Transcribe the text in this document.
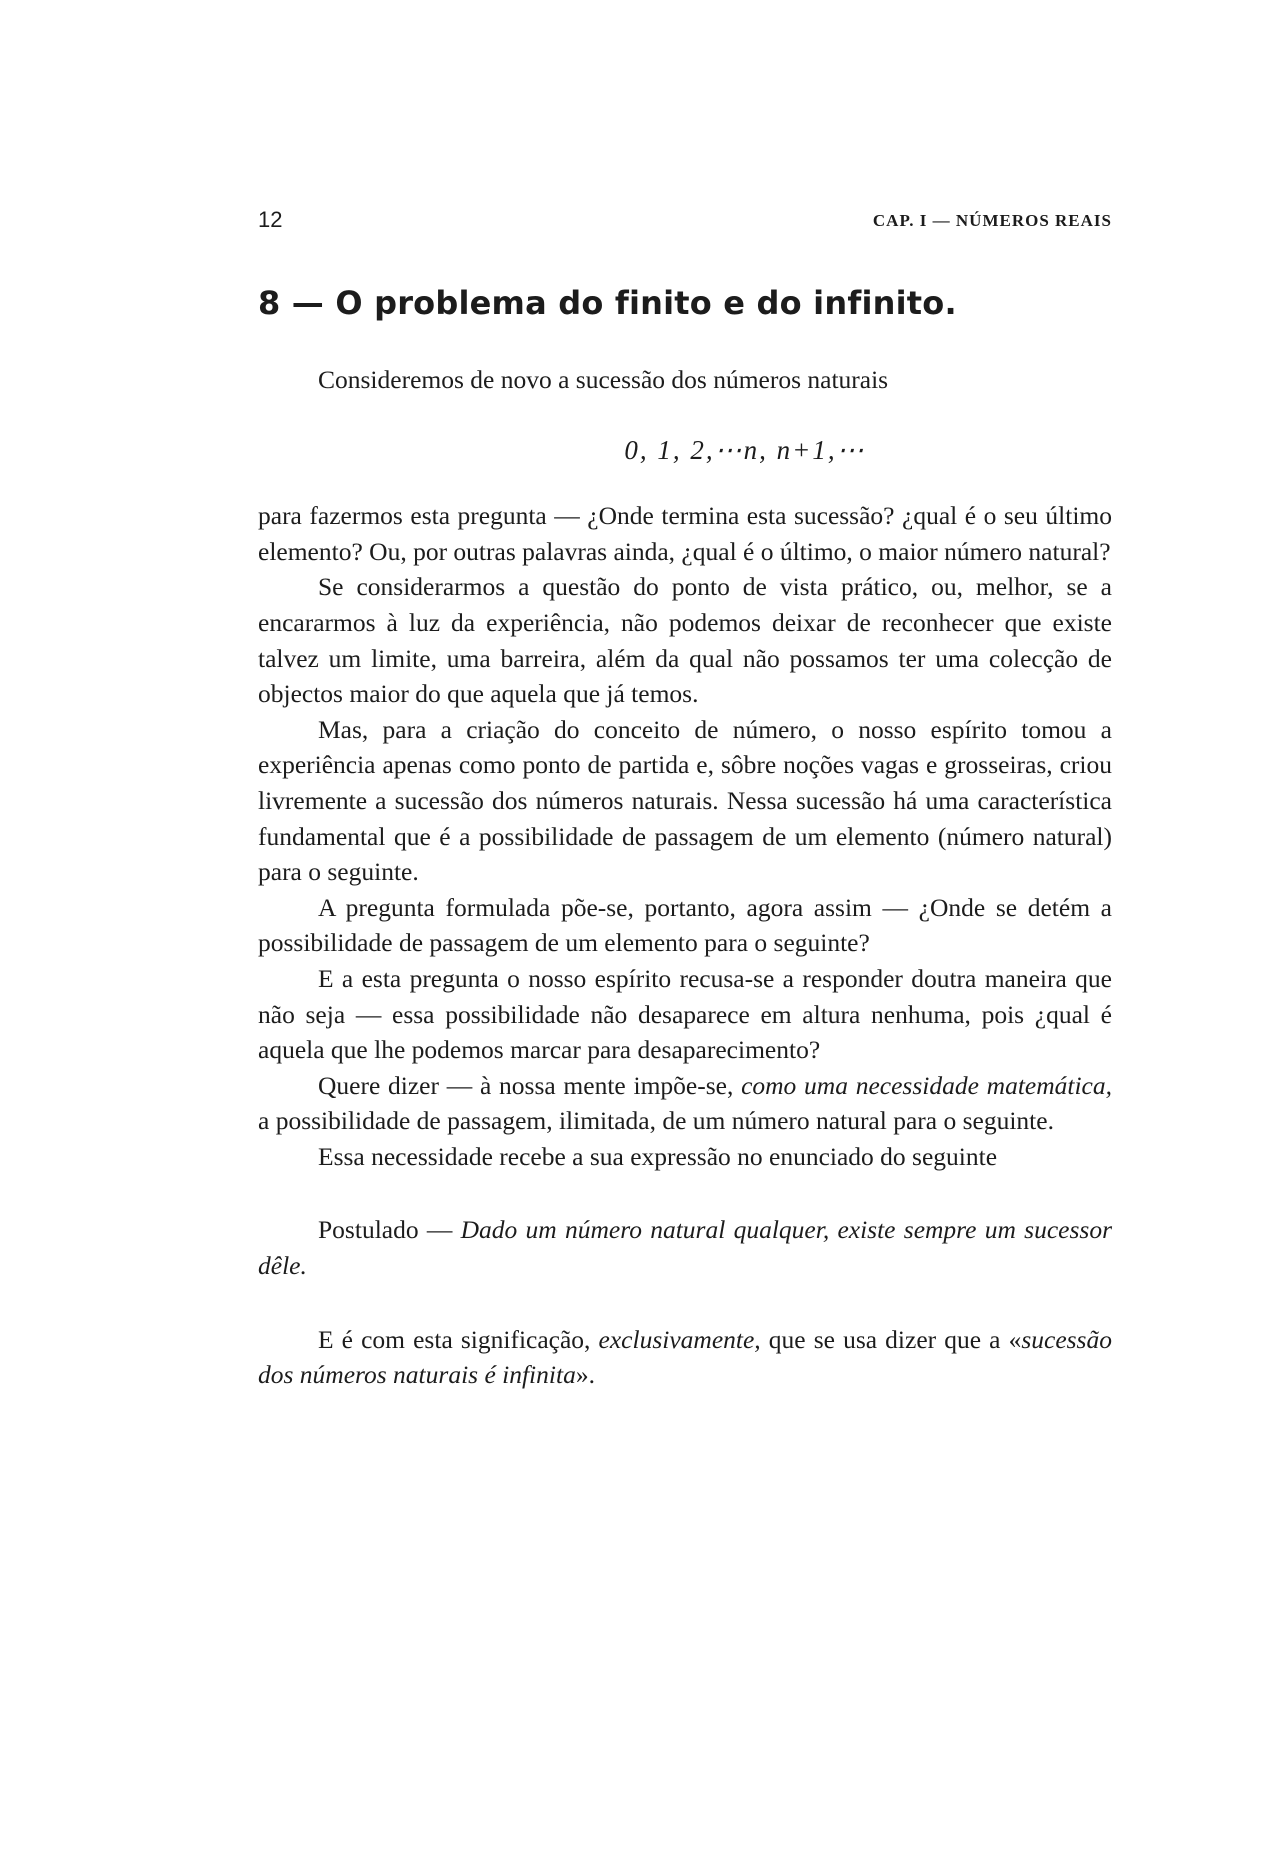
12	CAP. I — NÚMEROS REAIS
8 — O problema do finito e do infinito.

Consideremos de novo a sucessão dos números naturais

0, 1, 2,⋯n, n+1,⋯

para fazermos esta pregunta — ¿Onde termina esta sucessão? ¿qual é o seu último elemento? Ou, por outras palavras ainda, ¿qual é o último, o maior número natural?

Se considerarmos a questão do ponto de vista prático, ou, melhor, se a encararmos à luz da experiência, não podemos deixar de reconhecer que existe talvez um limite, uma barreira, além da qual não possamos ter uma colecção de objectos maior do que aquela que já temos.

Mas, para a criação do conceito de número, o nosso espírito tomou a experiência apenas como ponto de partida e, sôbre noções vagas e grosseiras, criou livremente a sucessão dos números naturais. Nessa sucessão há uma característica fundamental que é a possibilidade de passagem de um elemento (número natural) para o seguinte.

A pregunta formulada põe-se, portanto, agora assim — ¿Onde se detém a possibilidade de passagem de um elemento para o seguinte?

E a esta pregunta o nosso espírito recusa-se a responder doutra maneira que não seja — essa possibilidade não desaparece em altura nenhuma, pois ¿qual é aquela que lhe podemos marcar para desaparecimento?

Quere dizer — à nossa mente impõe-se, como uma necessidade matemática, a possibilidade de passagem, ilimitada, de um número natural para o seguinte.

Essa necessidade recebe a sua expressão no enunciado do seguinte

Postulado — Dado um número natural qualquer, existe sempre um sucessor dêle.

E é com esta significação, exclusivamente, que se usa dizer que a «sucessão dos números naturais é infinita».
